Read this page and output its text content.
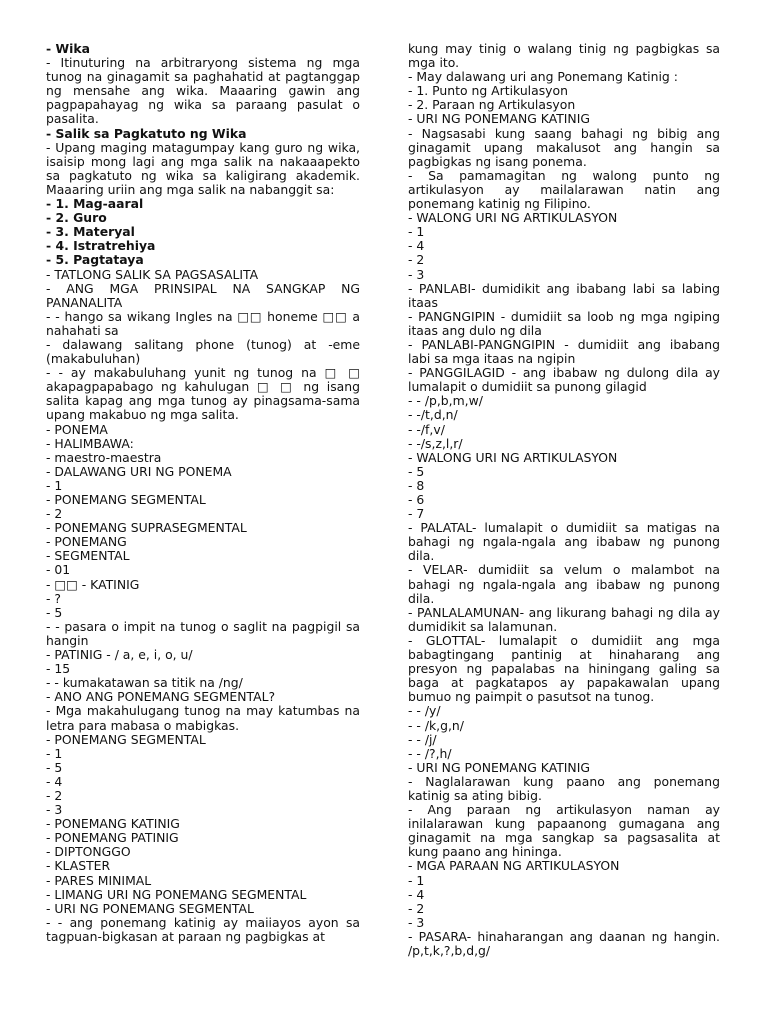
- Wika

- Itinuturing na arbitraryong sistema ng mga tunog na ginagamit sa paghahatid at pagtanggap ng mensahe ang wika. Maaaring gawin ang pagpapahayag ng wika sa paraang pasulat o pasalita.

- Salik sa Pagkatuto ng Wika

- Upang maging matagumpay kang guro ng wika, isaisip mong lagi ang mga salik na nakaaapekto sa pagkatuto ng wika sa kaligirang akademik. Maaaring uriin ang mga salik na nabanggit sa:

- 1. Mag-aaral

- 2. Guro

- 3. Materyal

- 4. Istratrehiya

- 5. Pagtataya

- TATLONG SALIK SA PAGSASALITA

- ANG MGA PRINSIPAL NA SANGKAP NG PANANALITA

- - hango sa wikang Ingles na □□ honeme □□ a nahahati sa

- dalawang salitang phone (tunog) at -eme (makabuluhan)

- - ay makabuluhang yunit ng tunog na □ □ akapagpapabago ng kahulugan □ □ ng isang salita kapag ang mga tunog ay pinagsama-sama upang makabuo ng mga salita.

- PONEMA

- HALIMBAWA:

- maestro-maestra

- DALAWANG URI NG PONEMA

- 1

- PONEMANG SEGMENTAL

- 2

- PONEMANG SUPRASEGMENTAL

- PONEMANG

- SEGMENTAL

- 01

- □□ - KATINIG

- ?

- 5

- - pasara o impit na tunog o saglit na pagpigil sa hangin

- PATINIG - / a, e, i, o, u/

- 15

- - kumakatawan sa titik na /ng/

- ANO ANG PONEMANG SEGMENTAL?

- Mga makahulugang tunog na may katumbas na letra para mabasa o mabigkas.

- PONEMANG SEGMENTAL

- 1

- 5

- 4

- 2

- 3

- PONEMANG KATINIG

- PONEMANG PATINIG

- DIPTONGGO

- KLASTER

- PARES MINIMAL

- LIMANG URI NG PONEMANG SEGMENTAL

- URI NG PONEMANG SEGMENTAL

- - ang ponemang katinig ay maiiayos ayon sa tagpuan-bigkasan at paraan ng pagbigkas at

kung may tinig o walang tinig ng pagbigkas sa mga ito.

- May dalawang uri ang Ponemang Katinig :

- 1. Punto ng Artikulasyon

- 2. Paraan ng Artikulasyon

- URI NG PONEMANG KATINIG

- Nagsasabi kung saang bahagi ng bibig ang ginagamit upang makalusot ang hangin sa pagbigkas ng isang ponema.

- Sa pamamagitan ng walong punto ng artikulasyon ay mailalarawan natin ang ponemang katinig ng Filipino.

- WALONG URI NG ARTIKULASYON

- 1

- 4

- 2

- 3

- PANLABI- dumidikit ang ibabang labi sa labing itaas

- PANGNGIPIN - dumidiit sa loob ng mga ngiping itaas ang dulo ng dila

- PANLABI-PANGNGIPIN - dumidiit ang ibabang labi sa mga itaas na ngipin

- PANGGILAGID - ang ibabaw ng dulong dila ay lumalapit o dumidiit sa punong gilagid

- - /p,b,m,w/

- -/t,d,n/

- -/f,v/

- -/s,z,l,r/

- WALONG URI NG ARTIKULASYON

- 5

- 8

- 6

- 7

- PALATAL- lumalapit o dumidiit sa matigas na bahagi ng ngala-ngala ang ibabaw ng punong dila.

- VELAR- dumidiit sa velum o malambot na bahagi ng ngala-ngala ang ibabaw ng punong dila.

- PANLALAMUNAN- ang likurang bahagi ng dila ay dumidikit sa lalamunan.

- GLOTTAL- lumalapit o dumidiit ang mga babagtingang pantinig at hinaharang ang presyon ng papalabas na hiningang galing sa baga at pagkatapos ay papakawalan upang bumuo ng paimpit o pasutsot na tunog.

- - /y/

- - /k,g,n/

- - /j/

- - /?,h/

- URI NG PONEMANG KATINIG

- Naglalarawan kung paano ang ponemang katinig sa ating bibig.

- Ang paraan ng artikulasyon naman ay inilalarawan kung papaanong gumagana ang ginagamit na mga sangkap sa pagsasalita at kung paano ang hininga.

- MGA PARAAN NG ARTIKULASYON

- 1

- 4

- 2

- 3

- PASARA- hinaharangan ang daanan ng hangin. /p,t,k,?,b,d,g/
